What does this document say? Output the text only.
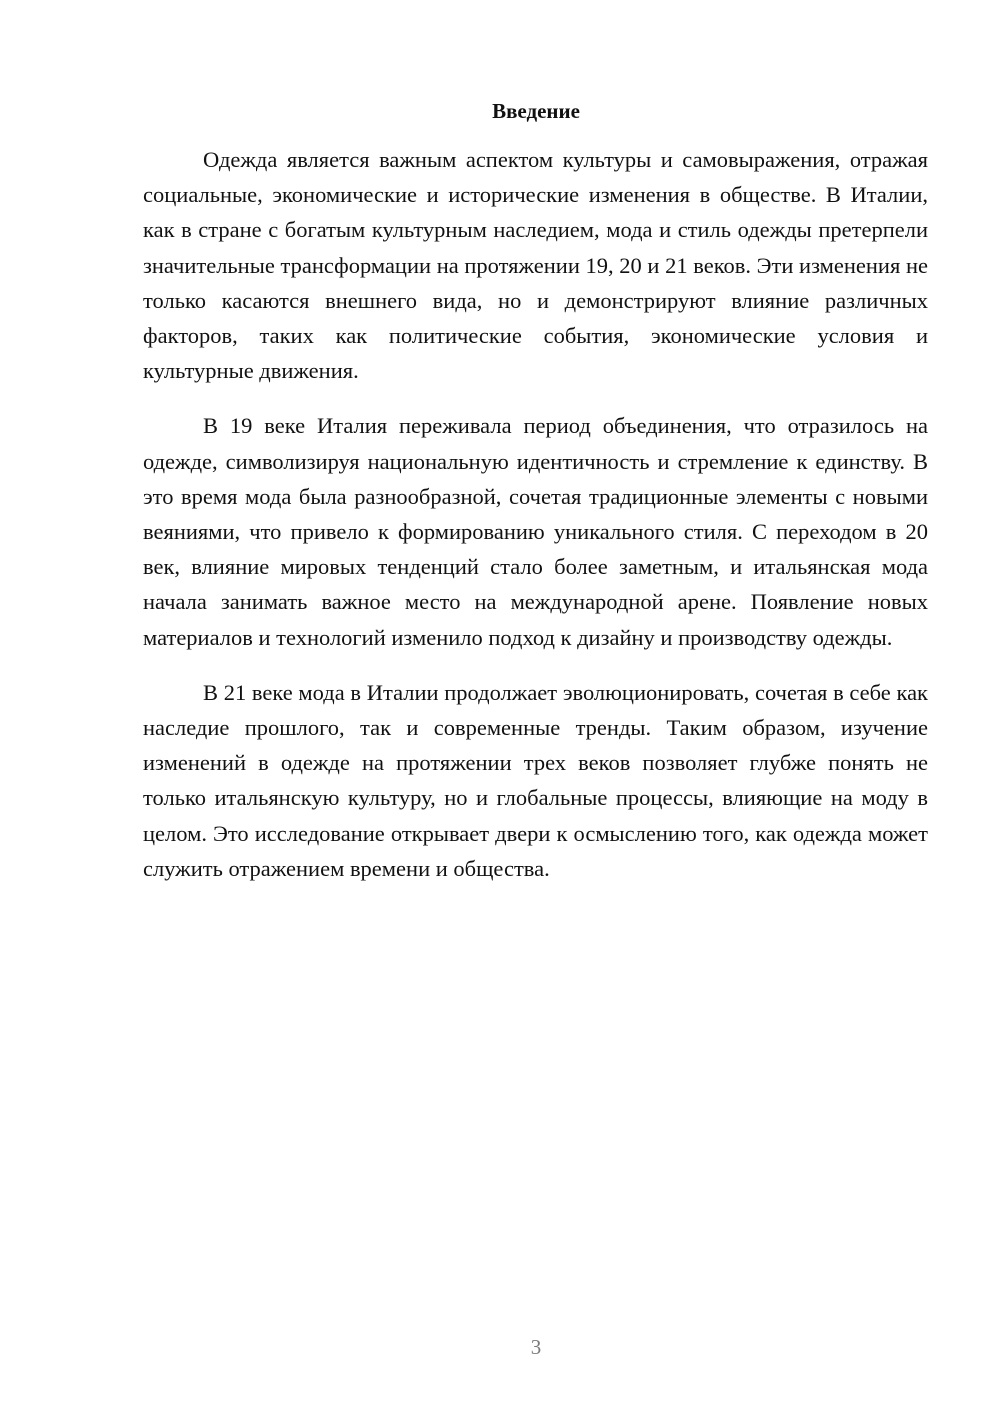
Введение

Одежда является важным аспектом культуры и самовыражения, отражая социальные, экономические и исторические изменения в обществе. В Италии, как в стране с богатым культурным наследием, мода и стиль одежды претерпели значительные трансформации на протяжении 19, 20 и 21 веков. Эти изменения не только касаются внешнего вида, но и демонстрируют влияние различных факторов, таких как политические события, экономические условия и культурные движения.

В 19 веке Италия переживала период объединения, что отразилось на одежде, символизируя национальную идентичность и стремление к единству. В это время мода была разнообразной, сочетая традиционные элементы с новыми веяниями, что привело к формированию уникального стиля. С переходом в 20 век, влияние мировых тенденций стало более заметным, и итальянская мода начала занимать важное место на международной арене. Появление новых материалов и технологий изменило подход к дизайну и производству одежды.

В 21 веке мода в Италии продолжает эволюционировать, сочетая в себе как наследие прошлого, так и современные тренды. Таким образом, изучение изменений в одежде на протяжении трех веков позволяет глубже понять не только итальянскую культуру, но и глобальные процессы, влияющие на моду в целом. Это исследование открывает двери к осмыслению того, как одежда может служить отражением времени и общества.

3
